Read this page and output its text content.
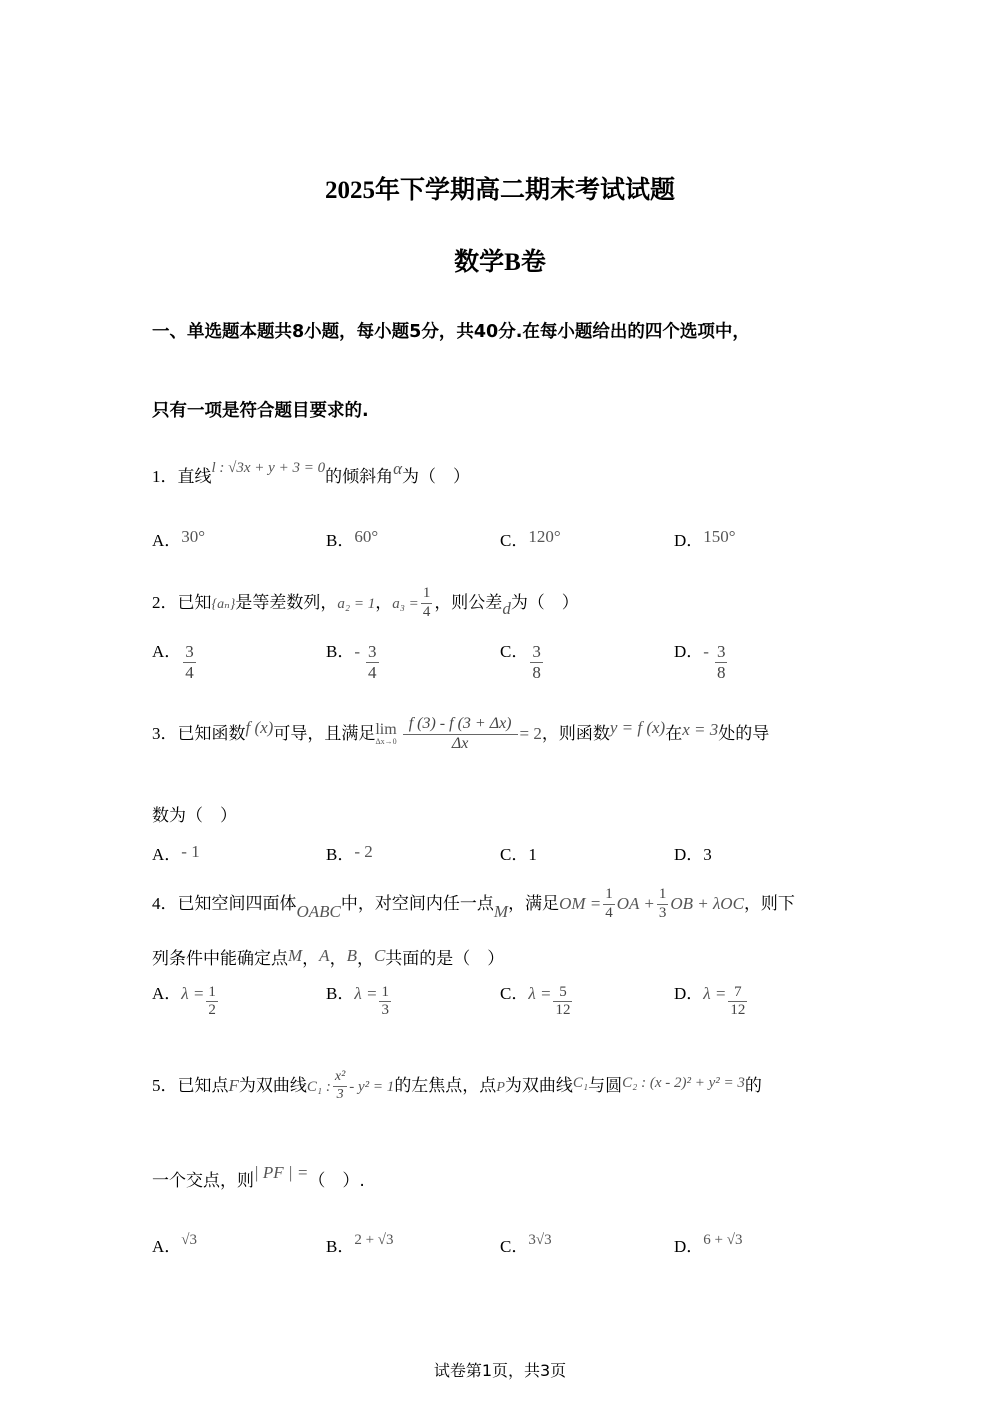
2025年下学期高二期末考试试题
数学B卷
一、单选题本题共8小题，每小题5分，共40分.在每小题给出的四个选项中，
只有一项是符合题目要求的.
1．直线l : √3x + y + 3 = 0的倾斜角α为（　）
A．30°	B．60°	C．120°	D．150°
2．已知{aₙ}是等差数列，a₂ = 1，$a_3 = \frac{1}{4}$ ，则公差d为（　）
A． $\frac{3}{4}$	B．- $\frac{3}{4}$	C． $\frac{3}{8}$	D．- $\frac{3}{8}$
3．已知函数f (x)可导，且满足 lim
$\Delta x\to 0 \frac{f (3) - f (3 + \Delta x)}{\Delta x} = 2$，则函数y = f (x)在x = 3处的导
数为（　）
A．- 1	B．- 2	C．1	D．3
4．已知空间四面体OABC中，对空间内任一点M，满足OM = $\frac{1}{4}$ OA + $\frac{1}{3}$ OB + λOC，则下
列条件中能确定点M，A，B，C共面的是（　）
A．$\lambda = \frac{1}{2}$	B．$\lambda = \frac{1}{3}$	C．$\lambda = \frac{5}{12}$	D．$\lambda = \frac{7}{12}$
5．已知点F为双曲线C₁ : $\frac{\text{x²}}{3} - y^2 = 1$的左焦点，点P为双曲线C₁与圆C₂ : (x - 2)² + y² = 3的
一个交点，则| PF | =（　）.
A．√3	B．2 + √3	C．3√3	D．6 + √3
试卷第1页，共3页
